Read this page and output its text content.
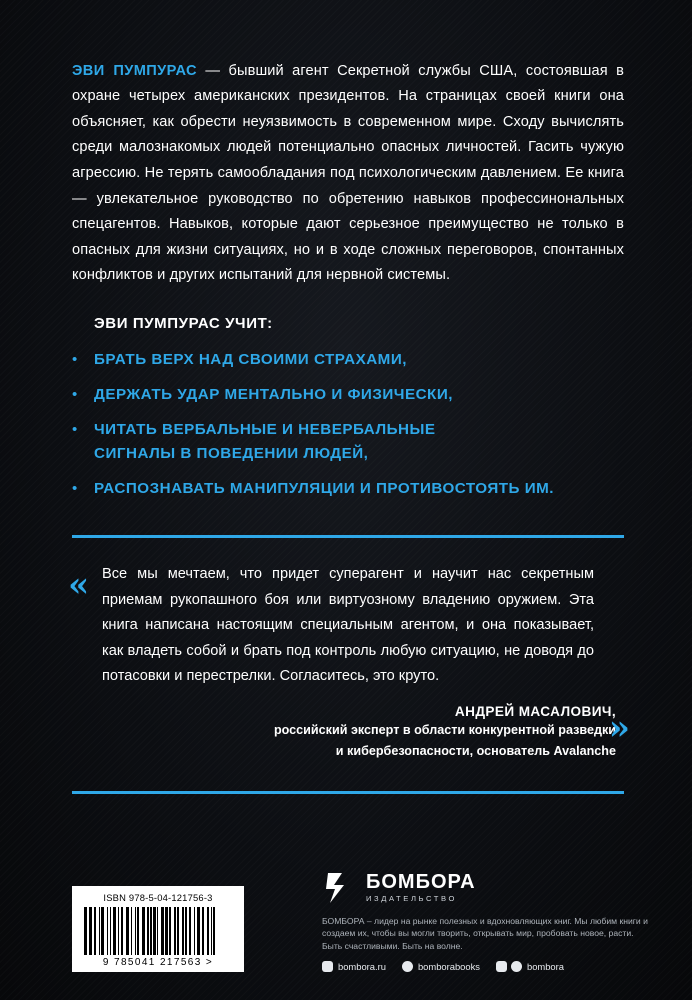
ЭВИ ПУМПУРАС — бывший агент Секретной службы США, состоявшая в охране четырех американских президентов. На страницах своей книги она объясняет, как обрести неуязвимость в современном мире. Сходу вычислять среди малознакомых людей потенциально опасных личностей. Гасить чужую агрессию. Не терять самообладания под психологическим давлением. Ее книга — увлекательное руководство по обретению навыков профессинональных спецагентов. Навыков, которые дают серьезное преимущество не только в опасных для жизни ситуациях, но и в ходе сложных переговоров, спонтанных конфликтов и других испытаний для нервной системы.

ЭВИ ПУМПУРАС УЧИТ:
•	БРАТЬ ВЕРХ НАД СВОИМИ СТРАХАМИ,
•	ДЕРЖАТЬ УДАР МЕНТАЛЬНО И ФИЗИЧЕСКИ,
•	ЧИТАТЬ ВЕРБАЛЬНЫЕ И НЕВЕРБАЛЬНЫЕ
СИГНАЛЫ В ПОВЕДЕНИИ ЛЮДЕЙ,
•	РАСПОЗНАВАТЬ МАНИПУЛЯЦИИ И ПРОТИВОСТОЯТЬ ИМ.
« Все мы мечтаем, что придет суперагент и научит нас секретным приемам рукопашного боя или виртуозному владению оружием. Эта книга написана настоящим специальным агентом, и она показывает, как владеть собой и брать под контроль любую ситуацию, не доводя до потасовки и перестрелки. Согласитесь, это круто.
»
АНДРЕЙ МАСАЛОВИЧ,
российский эксперт в области конкурентной разведки
и кибербезопасности, основатель Avalanche
ISBN 978-5-04-121756-3
9 785041 217563 >
БОМБОРА
ИЗДАТЕЛЬСТВО
БОМБОРА – лидер на рынке полезных и вдохновляющих книг. Мы любим книги и создаем их, чтобы вы могли творить, открывать мир, пробовать новое, расти. Быть счастливыми. Быть на волне.
bombora.ru	bomborabooks	bombora
